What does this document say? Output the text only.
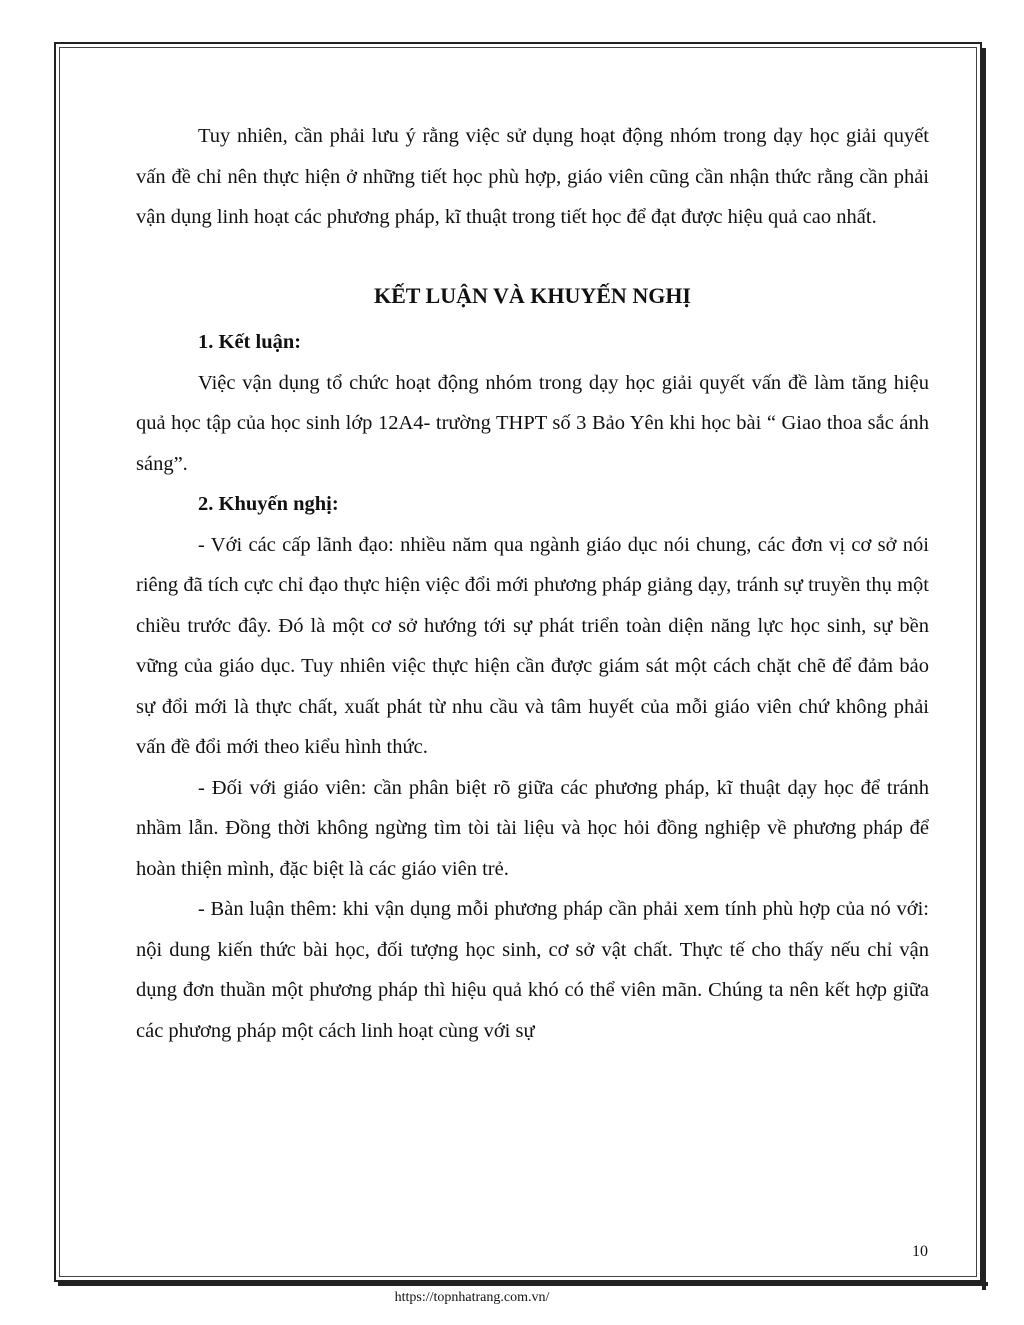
Tuy nhiên, cần phải lưu ý rằng việc sử dụng hoạt động nhóm trong dạy học giải quyết vấn đề chỉ nên thực hiện ở những tiết học phù hợp, giáo viên cũng cần nhận thức rằng cần phải vận dụng linh hoạt các phương pháp, kĩ thuật trong tiết học để đạt được hiệu quả cao nhất.

KẾT LUẬN VÀ KHUYẾN NGHỊ

1. Kết luận:

Việc vận dụng tổ chức hoạt động nhóm trong dạy học giải quyết vấn đề làm tăng hiệu quả học tập của học sinh lớp 12A4- trường THPT số 3 Bảo Yên khi học bài “ Giao thoa sắc ánh sáng”.

2. Khuyến nghị:

- Với các cấp lãnh đạo: nhiều năm qua ngành giáo dục nói chung, các đơn vị cơ sở nói riêng đã tích cực chỉ đạo thực hiện việc đổi mới phương pháp giảng dạy, tránh sự truyền thụ một chiều trước đây. Đó là một cơ sở hướng tới sự phát triển toàn diện năng lực học sinh, sự bền vững của giáo dục. Tuy nhiên việc thực hiện cần được giám sát một cách chặt chẽ để đảm bảo sự đổi mới là thực chất, xuất phát từ nhu cầu và tâm huyết của mỗi giáo viên chứ không phải vấn đề đổi mới theo kiểu hình thức.

- Đối với giáo viên: cần phân biệt rõ giữa các phương pháp, kĩ thuật dạy học để tránh nhầm lẫn. Đồng thời không ngừng tìm tòi tài liệu và học hỏi đồng nghiệp về phương pháp để hoàn thiện mình, đặc biệt là các giáo viên trẻ.

- Bàn luận thêm: khi vận dụng mỗi phương pháp cần phải xem tính phù hợp của nó với: nội dung kiến thức bài học, đối tượng học sinh, cơ sở vật chất. Thực tế cho thấy nếu chỉ vận dụng đơn thuần một phương pháp thì hiệu quả khó có thể viên mãn. Chúng ta nên kết hợp giữa các phương pháp một cách linh hoạt cùng với sự

10
https://topnhatrang.com.vn/
